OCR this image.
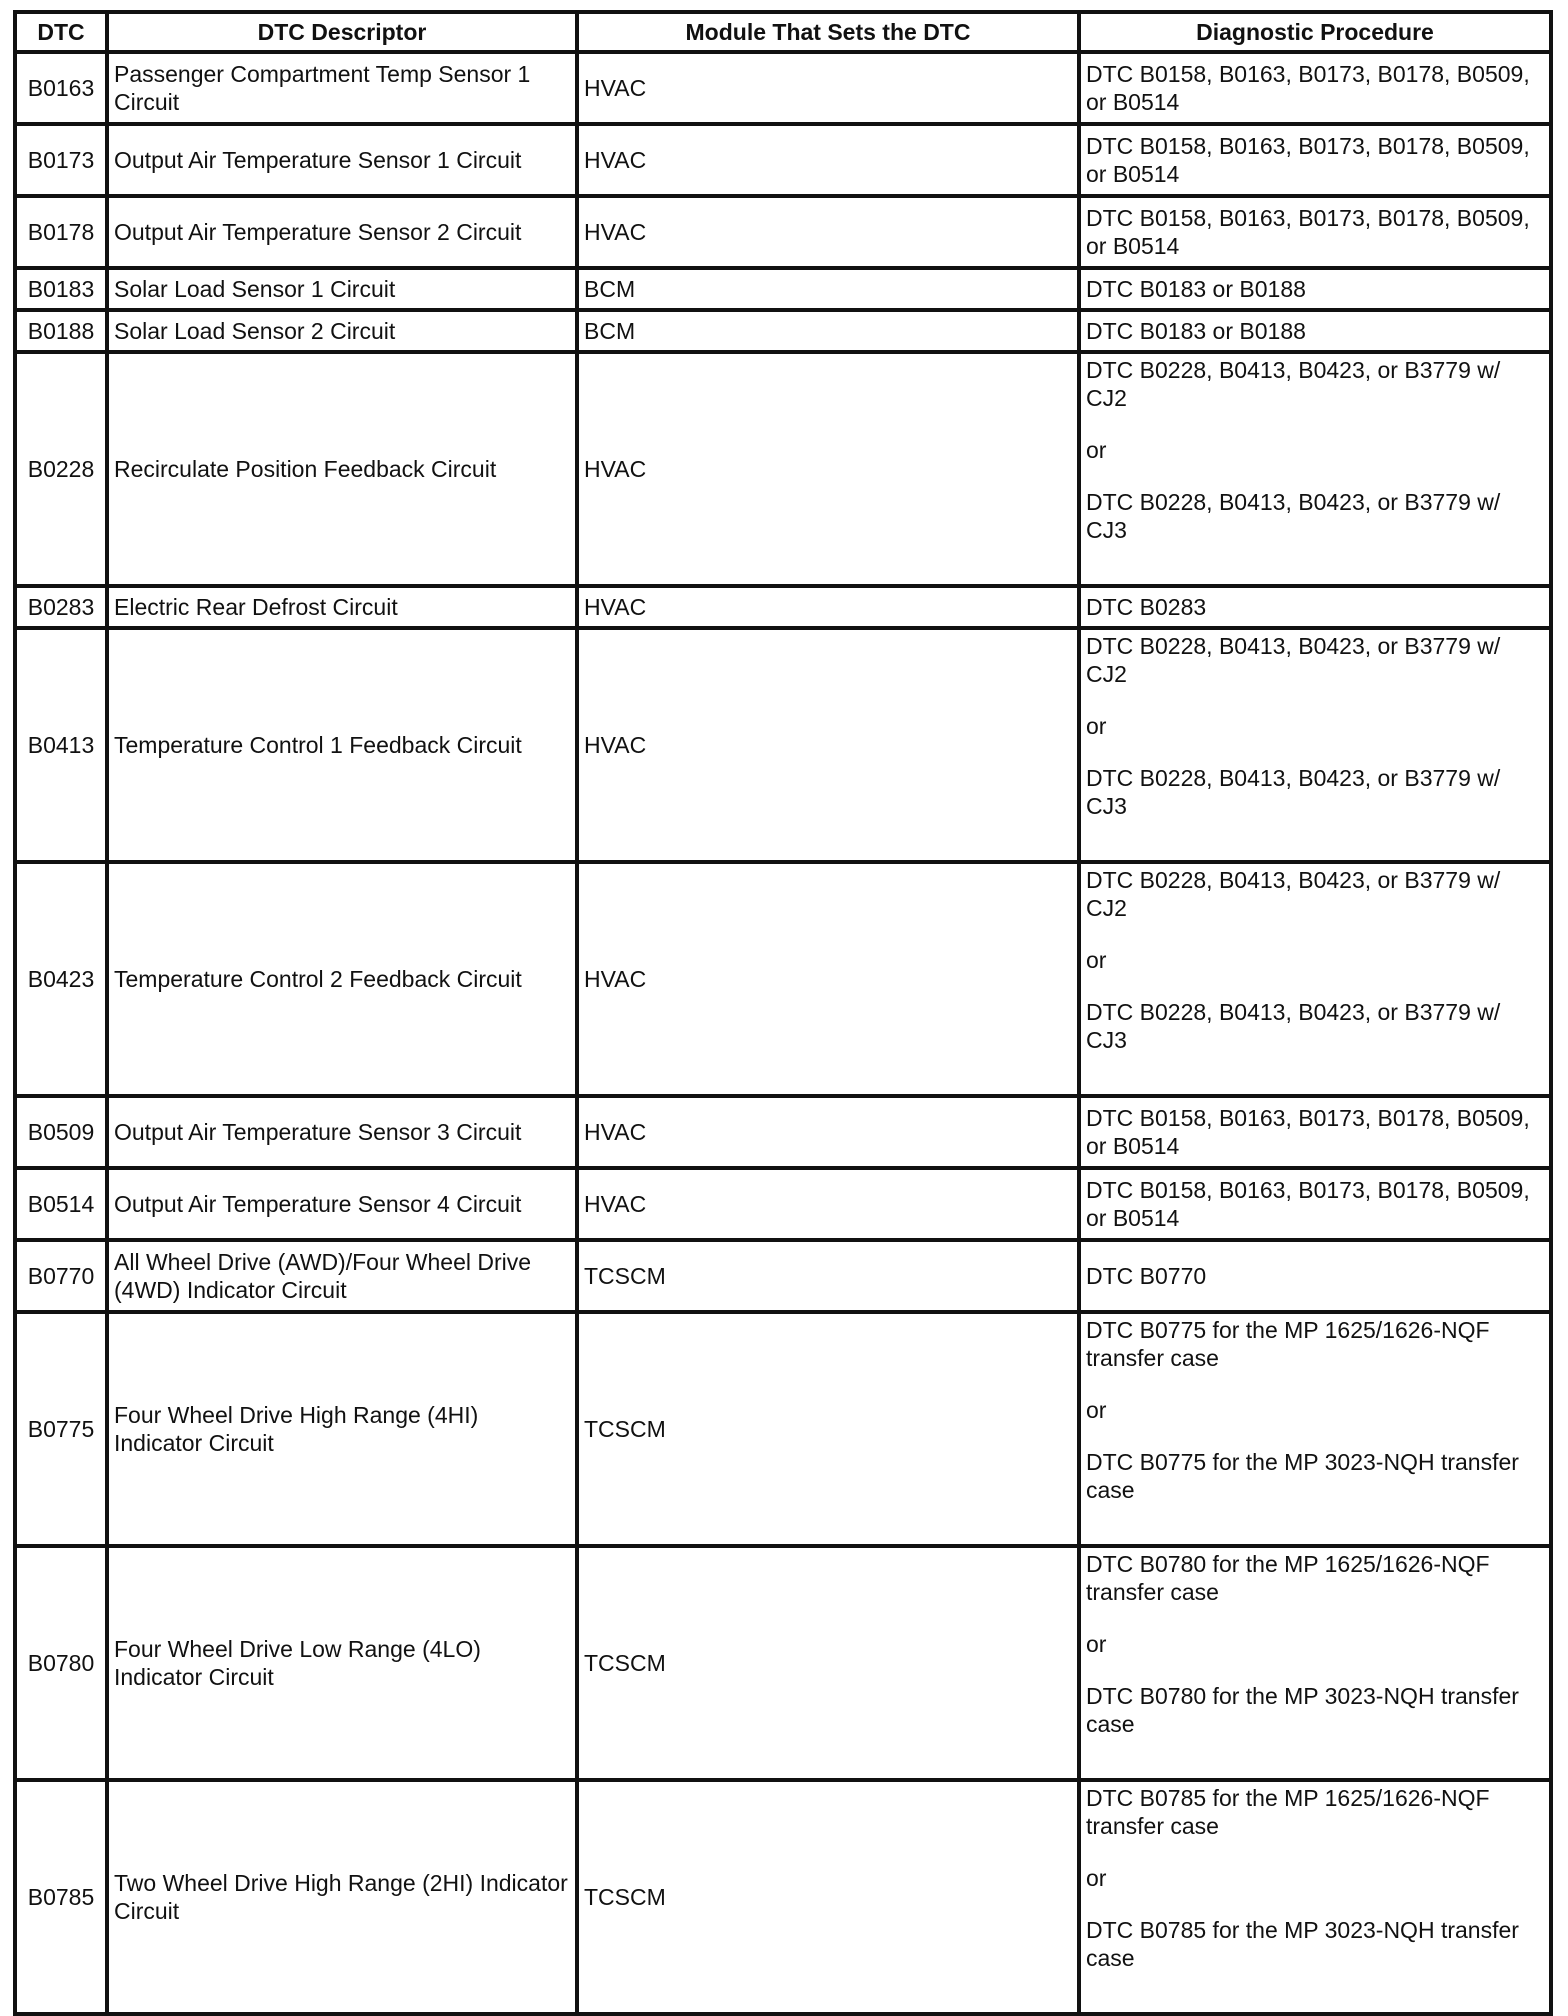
DTC	DTC Descriptor	Module That Sets the DTC	Diagnostic Procedure
B0163	Passenger Compartment Temp Sensor 1 Circuit	HVAC	DTC B0158, B0163, B0173, B0178, B0509, or B0514

B0173	Output Air Temperature Sensor 1 Circuit	HVAC	DTC B0158, B0163, B0173, B0178, B0509, or B0514

B0178	Output Air Temperature Sensor 2 Circuit	HVAC	DTC B0158, B0163, B0173, B0178, B0509, or B0514

B0183	Solar Load Sensor 1 Circuit	BCM	DTC B0183 or B0188

B0188	Solar Load Sensor 2 Circuit	BCM	DTC B0183 or B0188

B0228	Recirculate Position Feedback Circuit	HVAC	DTC B0228, B0413, B0423, or B3779 w/ CJ2
or
DTC B0228, B0413, B0423, or B3779 w/ CJ3

B0283	Electric Rear Defrost Circuit	HVAC	DTC B0283

B0413	Temperature Control 1 Feedback Circuit	HVAC	DTC B0228, B0413, B0423, or B3779 w/ CJ2
or
DTC B0228, B0413, B0423, or B3779 w/ CJ3

B0423	Temperature Control 2 Feedback Circuit	HVAC	DTC B0228, B0413, B0423, or B3779 w/ CJ2
or
DTC B0228, B0413, B0423, or B3779 w/ CJ3

B0509	Output Air Temperature Sensor 3 Circuit	HVAC	DTC B0158, B0163, B0173, B0178, B0509, or B0514

B0514	Output Air Temperature Sensor 4 Circuit	HVAC	DTC B0158, B0163, B0173, B0178, B0509, or B0514

B0770	All Wheel Drive (AWD)/Four Wheel Drive (4WD) Indicator Circuit	TCSCM	DTC B0770

B0775	Four Wheel Drive High Range (4HI) Indicator Circuit	TCSCM	DTC B0775 for the MP 1625/1626-NQF transfer case
or
DTC B0775 for the MP 3023-NQH transfer case

B0780	Four Wheel Drive Low Range (4LO) Indicator Circuit	TCSCM	DTC B0780 for the MP 1625/1626-NQF transfer case
or
DTC B0780 for the MP 3023-NQH transfer case

B0785	Two Wheel Drive High Range (2HI) Indicator Circuit	TCSCM	DTC B0785 for the MP 1625/1626-NQF transfer case
or
DTC B0785 for the MP 3023-NQH transfer case
